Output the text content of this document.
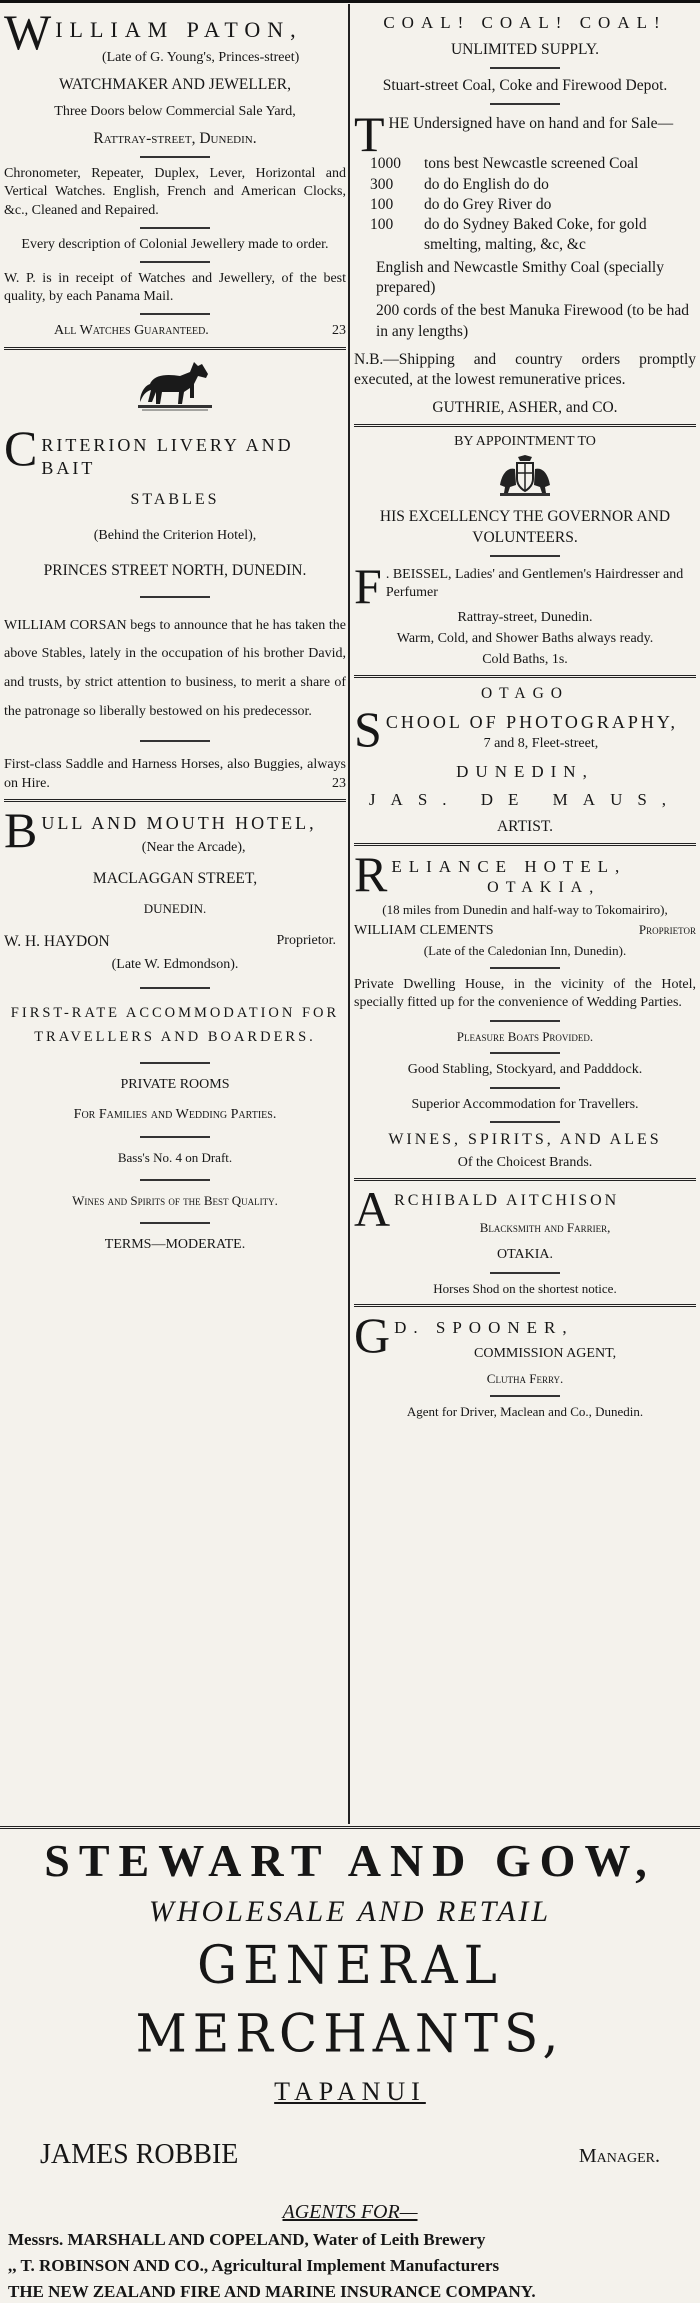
W ILLIAM PATON,
(Late of G. Young's, Princes-street)

WATCHMAKER AND JEWELLER,

Three Doors below Commercial Sale Yard,

Rattray-street, Dunedin.

Chronometer, Repeater, Duplex, Lever, Horizontal and Vertical Watches. English, French and American Clocks, &c., Cleaned and Repaired.

Every description of Colonial Jewellery made to order.

W. P. is in receipt of Watches and Jewellery, of the best quality, by each Panama Mail.

All Watches Guaranteed.	23
C RITERION LIVERY AND BAIT

STABLES

(Behind the Criterion Hotel),

PRINCES STREET NORTH, DUNEDIN.

WILLIAM CORSAN begs to announce that he has taken the above Stables, lately in the occupation of his brother David, and trusts, by strict attention to business, to merit a share of the patronage so liberally bestowed on his predecessor.

First-class Saddle and Harness Horses, also Buggies, always on Hire.	23

B ULL AND MOUTH HOTEL,
(Near the Arcade),

MACLAGGAN STREET,

DUNEDIN.

W. H. HAYDON	Proprietor.

(Late W. Edmondson).

FIRST-RATE ACCOMMODATION FOR TRAVELLERS AND BOARDERS.

PRIVATE ROOMS

For Families and Wedding Parties.

Bass's No. 4 on Draft.

Wines and Spirits of the Best Quality.

TERMS—MODERATE.

COAL! COAL! COAL!

UNLIMITED SUPPLY.

Stuart-street Coal, Coke and Firewood Depot.

T HE Undersigned have on hand and for Sale—
1000	tons best Newcastle screened Coal
300	do do English do do
100	do do Grey River do
100	do do Sydney Baked Coke, for gold smelting, malting, &c, &c

English and Newcastle Smithy Coal (specially prepared)

200 cords of the best Manuka Firewood (to be had in any lengths)

N.B.—Shipping and country orders promptly executed, at the lowest remunerative prices.

GUTHRIE, ASHER, and CO.

BY APPOINTMENT TO

HIS EXCELLENCY THE GOVERNOR AND VOLUNTEERS.

F . BEISSEL, Ladies' and Gentlemen's Hairdresser and Perfumer

Rattray-street, Dunedin.

Warm, Cold, and Shower Baths always ready.

Cold Baths, 1s.

OTAGO

S CHOOL OF PHOTOGRAPHY,
7 and 8, Fleet-street,

DUNEDIN,

JAS. DE MAUS,

ARTIST.

R ELIANCE HOTEL,
OTAKIA,

(18 miles from Dunedin and half-way to Tokomairiro),

WILLIAM CLEMENTS	Proprietor

(Late of the Caledonian Inn, Dunedin).

Private Dwelling House, in the vicinity of the Hotel, specially fitted up for the convenience of Wedding Parties.

Pleasure Boats Provided.

Good Stabling, Stockyard, and Padddock.

Superior Accommodation for Travellers.

WINES, SPIRITS, AND ALES

Of the Choicest Brands.

A RCHIBALD AITCHISON
Blacksmith and Farrier,

OTAKIA.

Horses Shod on the shortest notice.

G D. SPOONER,
COMMISSION AGENT,

Clutha Ferry.

Agent for Driver, Maclean and Co., Dunedin.

STEWART AND GOW,
WHOLESALE AND RETAIL
GENERAL MERCHANTS,
TAPANUI
JAMES ROBBIE	Manager.
AGENTS FOR—
Messrs. MARSHALL AND COPELAND, Water of Leith Brewery
,, T. ROBINSON AND CO., Agricultural Implement Manufacturers
THE NEW ZEALAND FIRE AND MARINE INSURANCE COMPANY.
